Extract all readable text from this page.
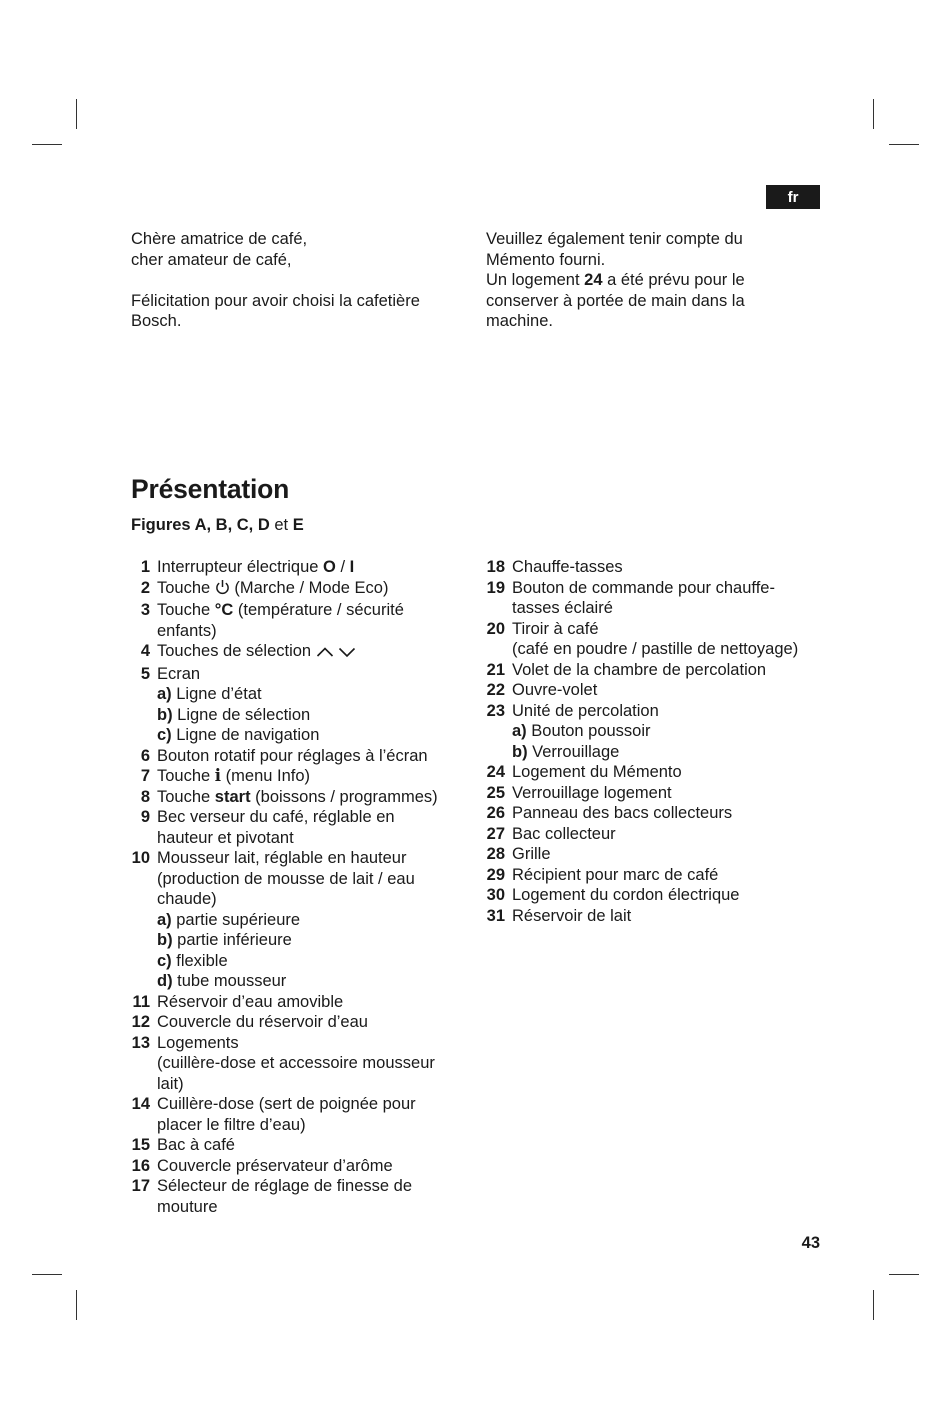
fr

Chère amatrice de café,

cher amateur de café,

Félicitation pour avoir choisi la cafetière

Bosch.

Veuillez également tenir compte du

Mémento fourni.

Un logement 24 a été prévu pour le

conserver à portée de main dans la

machine.

Présentation

Figures A, B, C, D et E

1 Interrupteur électrique O / I
2 Touche  (Marche / Mode Eco)
3 Touche °C (température / sécurité
enfants)
4 Touches de sélection
5 Ecran
a) Ligne d’état
b) Ligne de sélection
c) Ligne de navigation
6 Bouton rotatif pour réglages à l’écran
7 Touche i (menu Info)
8 Touche start (boissons / programmes)
9 Bec verseur du café, réglable en
hauteur et pivotant
10 Mousseur lait, réglable en hauteur
(production de mousse de lait / eau
chaude)
a) partie supérieure
b) partie inférieure
c) flexible
d) tube mousseur
11 Réservoir d’eau amovible
12 Couvercle du réservoir d’eau
13 Logements
(cuillère-dose et accessoire mousseur
lait)
14 Cuillère-dose (sert de poignée pour
placer le filtre d’eau)
15 Bac à café
16 Couvercle préservateur d’arôme
17 Sélecteur de réglage de finesse de
mouture
18 Chauffe-tasses
19 Bouton de commande pour chauffe-
tasses éclairé
20 Tiroir à café
(café en poudre / pastille de nettoyage)
21 Volet de la chambre de percolation
22 Ouvre-volet
23 Unité de percolation
a) Bouton poussoir
b) Verrouillage
24 Logement du Mémento
25 Verrouillage logement
26 Panneau des bacs collecteurs
27 Bac collecteur
28 Grille
29 Récipient pour marc de café
30 Logement du cordon électrique
31 Réservoir de lait
43
